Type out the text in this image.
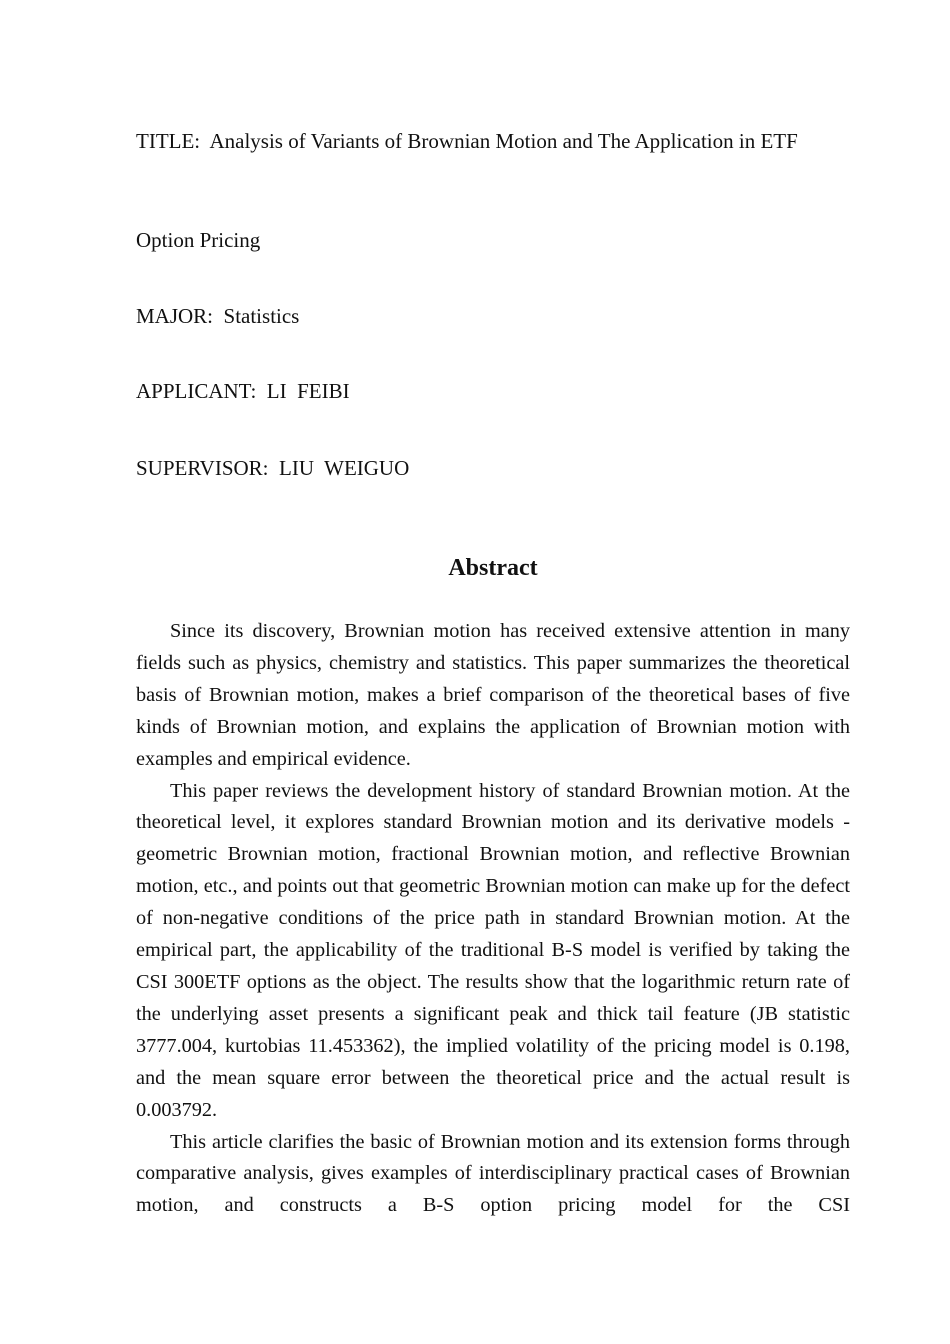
TITLE:  Analysis of Variants of Brownian Motion and The Application in ETF
Option Pricing
MAJOR:  Statistics
APPLICANT:  LI  FEIBI
SUPERVISOR:  LIU  WEIGUO
Abstract

Since its discovery, Brownian motion has received extensive attention in many fields such as physics, chemistry and statistics. This paper summarizes the theoretical basis of Brownian motion, makes a brief comparison of the theoretical bases of five kinds of Brownian motion, and explains the application of Brownian motion with examples and empirical evidence.

This paper reviews the development history of standard Brownian motion. At the theoretical level, it explores standard Brownian motion and its derivative models - geometric Brownian motion, fractional Brownian motion, and reflective Brownian motion, etc., and points out that geometric Brownian motion can make up for the defect of non-negative conditions of the price path in standard Brownian motion. At the empirical part, the applicability of the traditional B-S model is verified by taking the CSI 300ETF options as the object. The results show that the logarithmic return rate of the underlying asset presents a significant peak and thick tail feature (JB statistic 3777.004, kurtobias 11.453362), the implied volatility of the pricing model is 0.198, and the mean square error between the theoretical price and the actual result is 0.003792.

This article clarifies the basic of Brownian motion and its extension forms through comparative analysis, gives examples of interdisciplinary practical cases of Brownian motion, and constructs a B-S option pricing model for the CSI
